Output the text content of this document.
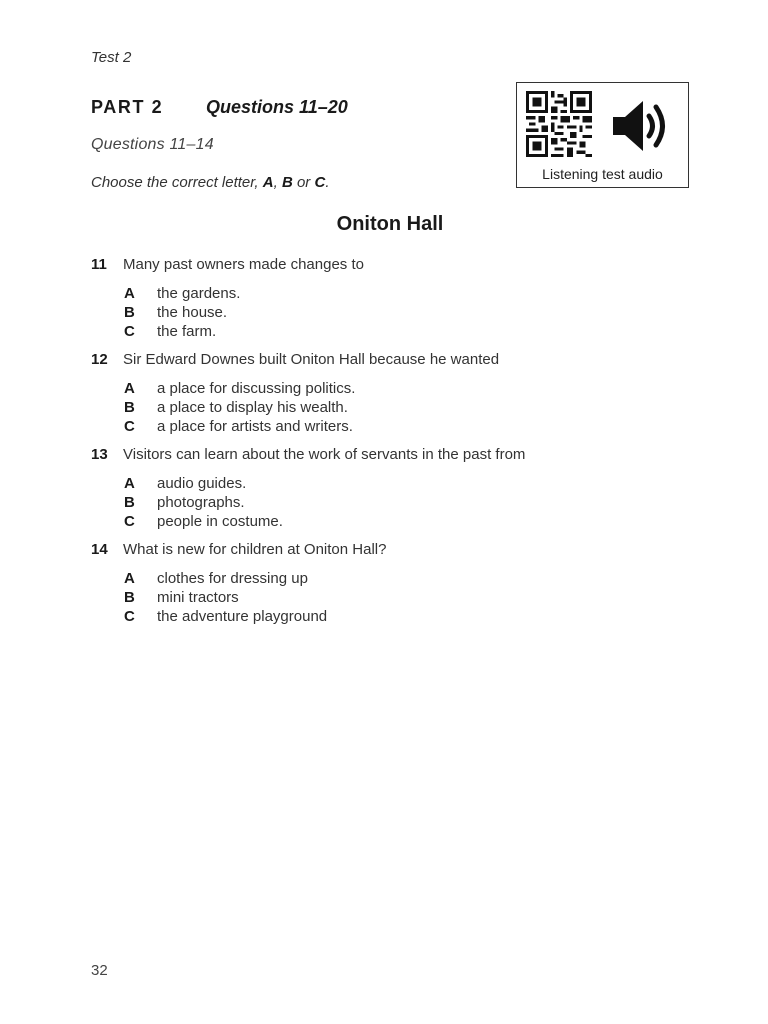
Test 2
PART 2 Questions 11–20
Questions 11–14
Choose the correct letter, A, B or C.	Listening test audio
Oniton Hall
11	Many past owners made changes to
A	the gardens.
B	the house.
C	the farm.
12	Sir Edward Downes built Oniton Hall because he wanted
A	a place for discussing politics.
B	a place to display his wealth.
C	a place for artists and writers.
13	Visitors can learn about the work of servants in the past from
A	audio guides.
B	photographs.
C	people in costume.
14	What is new for children at Oniton Hall?
A	clothes for dressing up
B	mini tractors
C	the adventure playground
32
